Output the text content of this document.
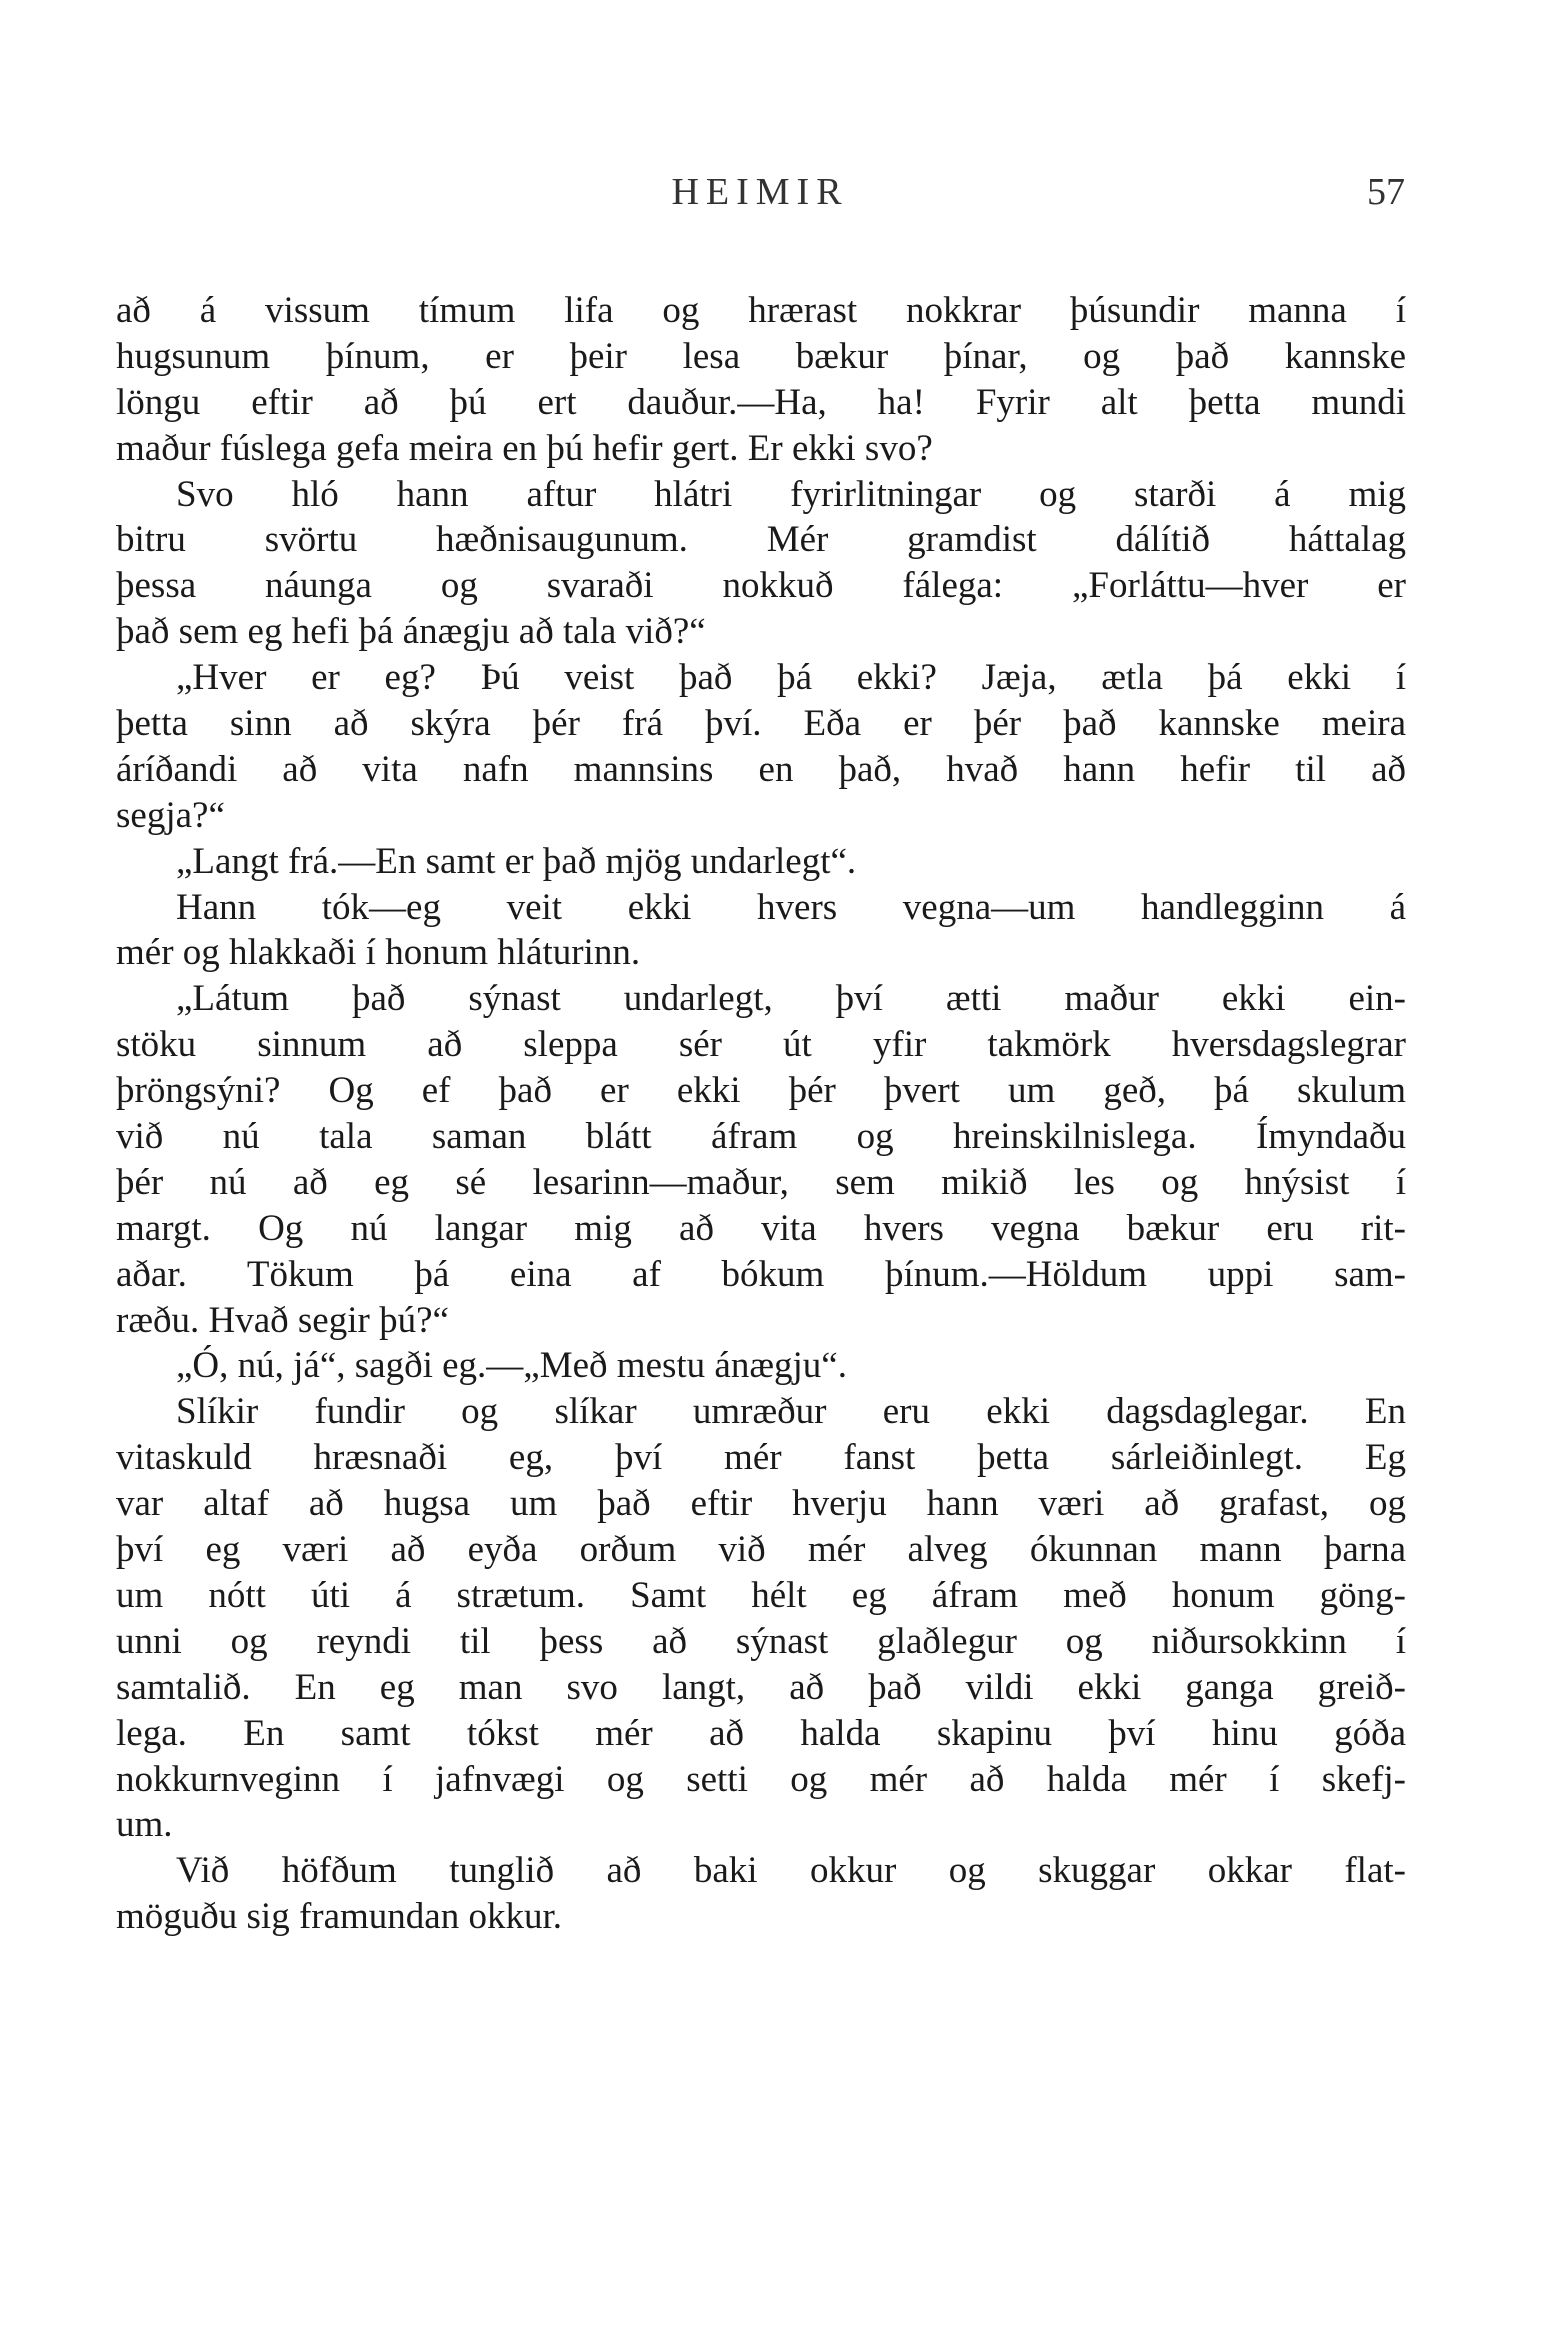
HEIMIR	57
að á vissum tímum lifa og hrærast nokkrar þúsundir manna í
hugsunum þínum, er þeir lesa bækur þínar, og það kannske
löngu eftir að þú ert dauður.—Ha, ha! Fyrir alt þetta mundi
maður fúslega gefa meira en þú hefir gert. Er ekki svo?
Svo hló hann aftur hlátri fyrirlitningar og starði á mig
bitru svörtu hæðnisaugunum. Mér gramdist dálítið háttalag
þessa náunga og svaraði nokkuð fálega: „Forláttu—hver er
það sem eg hefi þá ánægju að tala við?“
„Hver er eg? Þú veist það þá ekki? Jæja, ætla þá ekki í
þetta sinn að skýra þér frá því. Eða er þér það kannske meira
áríðandi að vita nafn mannsins en það, hvað hann hefir til að
segja?“
„Langt frá.—En samt er það mjög undarlegt“.
Hann tók—eg veit ekki hvers vegna—um handlegginn á
mér og hlakkaði í honum hláturinn.
„Látum það sýnast undarlegt, því ætti maður ekki ein-
stöku sinnum að sleppa sér út yfir takmörk hversdagslegrar
þröngsýni? Og ef það er ekki þér þvert um geð, þá skulum
við nú tala saman blátt áfram og hreinskilnislega. Ímyndaðu
þér nú að eg sé lesarinn—maður, sem mikið les og hnýsist í
margt. Og nú langar mig að vita hvers vegna bækur eru rit-
aðar. Tökum þá eina af bókum þínum.—Höldum uppi sam-
ræðu. Hvað segir þú?“
„Ó, nú, já“, sagði eg.—„Með mestu ánægju“.
Slíkir fundir og slíkar umræður eru ekki dagsdaglegar. En
vitaskuld hræsnaði eg, því mér fanst þetta sárleiðinlegt. Eg
var altaf að hugsa um það eftir hverju hann væri að grafast, og
því eg væri að eyða orðum við mér alveg ókunnan mann þarna
um nótt úti á strætum. Samt hélt eg áfram með honum göng-
unni og reyndi til þess að sýnast glaðlegur og niðursokkinn í
samtalið. En eg man svo langt, að það vildi ekki ganga greið-
lega. En samt tókst mér að halda skapinu því hinu góða
nokkurnveginn í jafnvægi og setti og mér að halda mér í skefj-
um.
Við höfðum tunglið að baki okkur og skuggar okkar flat-
möguðu sig framundan okkur.
